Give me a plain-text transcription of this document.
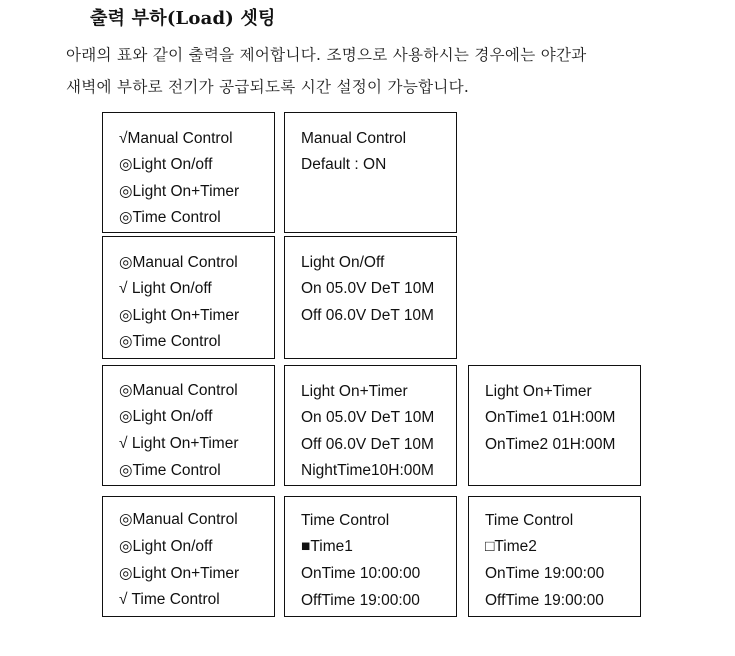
출력 부하(Load) 셋팅

아래의 표와 같이 출력을 제어합니다. 조명으로 사용하시는 경우에는 야간과

새벽에 부하로 전기가 공급되도록 시간 설정이 가능합니다.

√Manual Control
◎Light On/off
◎Light On+Timer
◎Time Control
Manual Control
Default : ON
◎Manual Control
√ Light On/off
◎Light On+Timer
◎Time Control
Light On/Off
On 05.0V DeT 10M
Off 06.0V DeT 10M
◎Manual Control
◎Light On/off
√ Light On+Timer
◎Time Control
Light On+Timer
On 05.0V DeT 10M
Off 06.0V DeT 10M
NightTime10H:00M
Light On+Timer
OnTime1 01H:00M
OnTime2 01H:00M
◎Manual Control
◎Light On/off
◎Light On+Timer
√ Time Control
Time Control
■Time1
OnTime 10:00:00
OffTime 19:00:00
Time Control
□Time2
OnTime 19:00:00
OffTime 19:00:00
